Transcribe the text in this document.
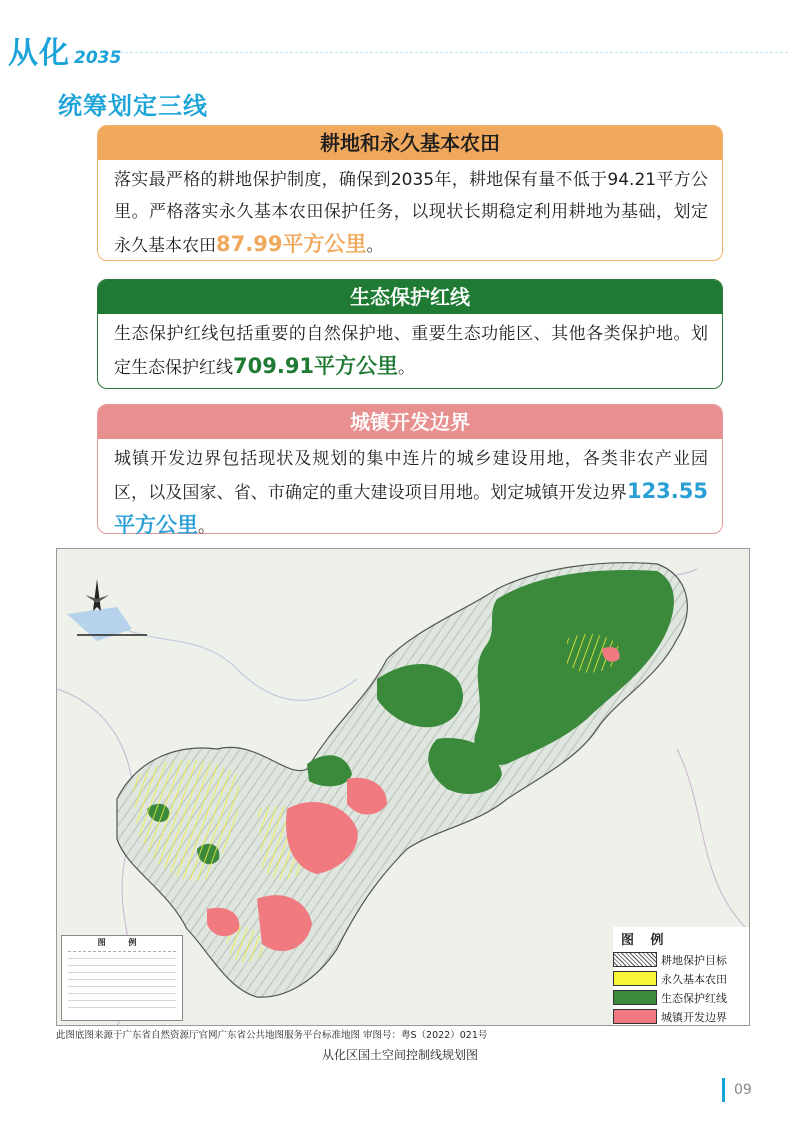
从化 2035
统筹划定三线
耕地和永久基本农田
落实最严格的耕地保护制度，确保到2035年，耕地保有量不低于94.21平方公里。严格落实永久基本农田保护任务，以现状长期稳定利用耕地为基础，划定永久基本农田87.99平方公里。
生态保护红线
生态保护红线包括重要的自然保护地、重要生态功能区、其他各类保护地。划定生态保护红线709.91平方公里。
城镇开发边界
城镇开发边界包括现状及规划的集中连片的城乡建设用地，各类非农产业园区，以及国家、省、市确定的重大建设项目用地。划定城镇开发边界123.55平方公里。
图 例	图 例
耕地保护目标
永久基本农田
生态保护红线
城镇开发边界
此图底图来源于广东省自然资源厅官网广东省公共地图服务平台标准地图 审图号：粤S（2022）021号
从化区国土空间控制线规划图
09
